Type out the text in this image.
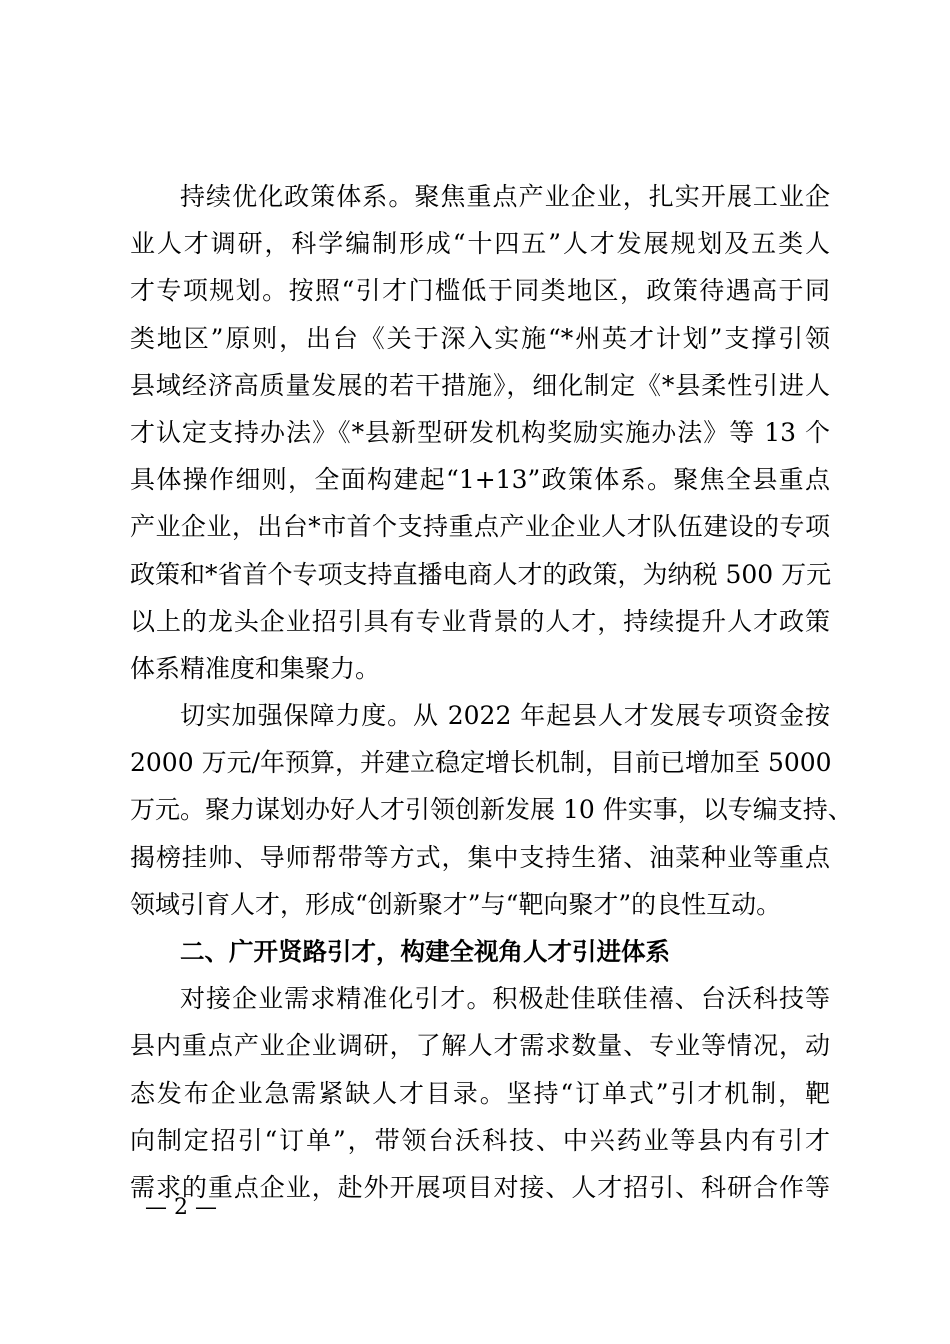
持续优化政策体系。聚焦重点产业企业，扎实开展工业企
业人才调研，科学编制形成“十四五”人才发展规划及五类人
才专项规划。按照“引才门槛低于同类地区，政策待遇高于同
类地区”原则，出台《关于深入实施“*州英才计划”支撑引领
县域经济高质量发展的若干措施》，细化制定《*县柔性引进人
才认定支持办法》《*县新型研发机构奖励实施办法》等 13 个
具体操作细则，全面构建起“1+13”政策体系。聚焦全县重点
产业企业，出台*市首个支持重点产业企业人才队伍建设的专项
政策和*省首个专项支持直播电商人才的政策，为纳税 500 万元
以上的龙头企业招引具有专业背景的人才，持续提升人才政策
体系精准度和集聚力。
切实加强保障力度。从 2022 年起县人才发展专项资金按
2000 万元/年预算，并建立稳定增长机制，目前已增加至 5000
万元。聚力谋划办好人才引领创新发展 10 件实事，以专编支持、
揭榜挂帅、导师帮带等方式，集中支持生猪、油菜种业等重点
领域引育人才，形成“创新聚才”与“靶向聚才”的良性互动。
二、广开贤路引才，构建全视角人才引进体系
对接企业需求精准化引才。积极赴佳联佳禧、台沃科技等
县内重点产业企业调研，了解人才需求数量、专业等情况，动
态发布企业急需紧缺人才目录。坚持“订单式”引才机制，靶
向制定招引“订单”，带领台沃科技、中兴药业等县内有引才
需求的重点企业，赴外开展项目对接、人才招引、科研合作等
— 2 —
